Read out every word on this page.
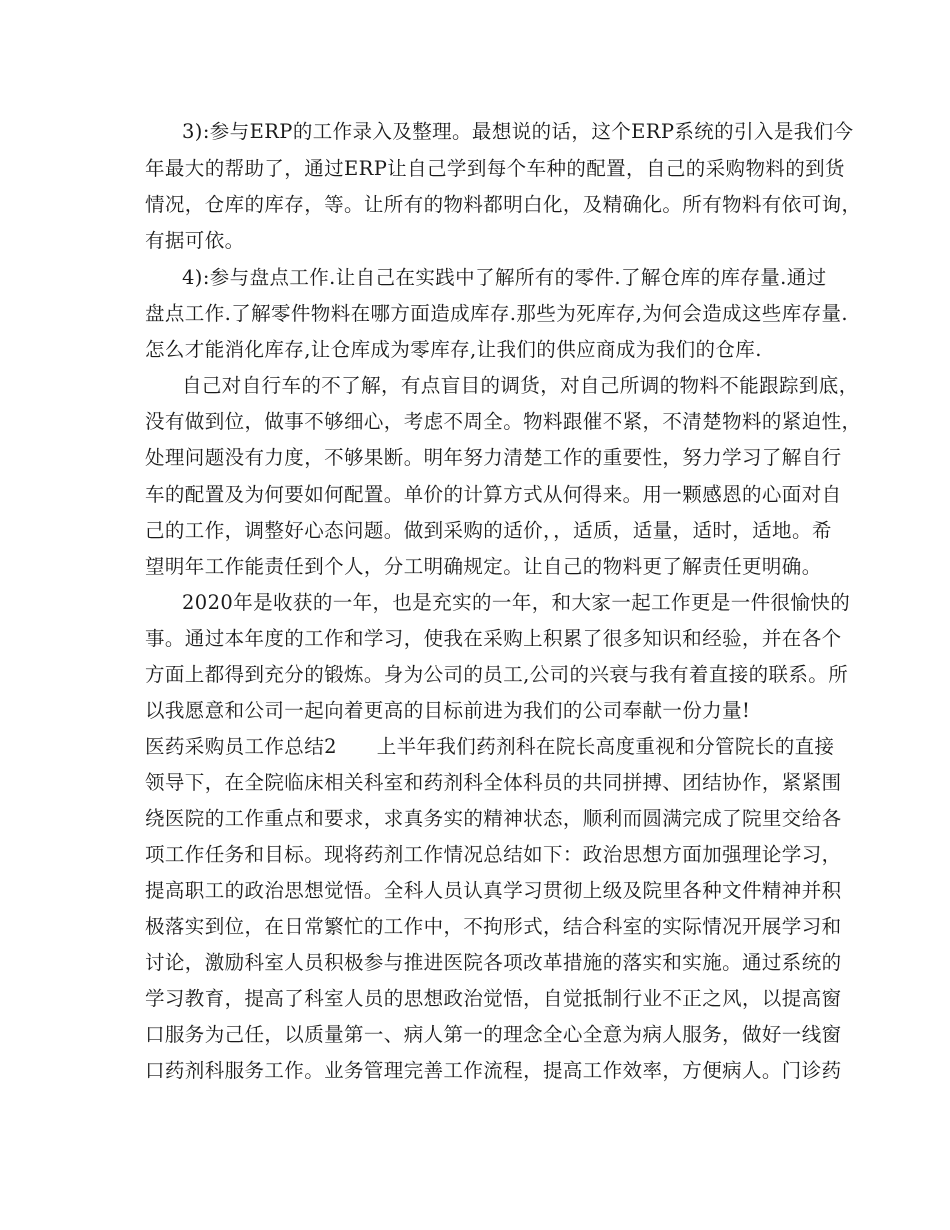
3):参与ERP的工作录入及整理。最想说的话，这个ERP系统的引入是我们今
年最大的帮助了，通过ERP让自己学到每个车种的配置，自己的采购物料的到货
情况，仓库的库存，等。让所有的物料都明白化，及精确化。所有物料有依可询，
有据可依。
4):参与盘点工作.让自己在实践中了解所有的零件.了解仓库的库存量.通过
盘点工作.了解零件物料在哪方面造成库存.那些为死库存,为何会造成这些库存量.
怎么才能消化库存,让仓库成为零库存,让我们的供应商成为我们的仓库.
自己对自行车的不了解，有点盲目的调货，对自己所调的物料不能跟踪到底，
没有做到位，做事不够细心，考虑不周全。物料跟催不紧，不清楚物料的紧迫性，
处理问题没有力度，不够果断。明年努力清楚工作的重要性，努力学习了解自行
车的配置及为何要如何配置。单价的计算方式从何得来。用一颗感恩的心面对自
己的工作，调整好心态问题。做到采购的适价，，适质，适量，适时，适地。希
望明年工作能责任到个人，分工明确规定。让自己的物料更了解责任更明确。
2020年是收获的一年，也是充实的一年，和大家一起工作更是一件很愉快的
事。通过本年度的工作和学习，使我在采购上积累了很多知识和经验，并在各个
方面上都得到充分的锻炼。身为公司的员工,公司的兴衰与我有着直接的联系。所
以我愿意和公司一起向着更高的目标前进为我们的公司奉献一份力量!
医药采购员工作总结2　　上半年我们药剂科在院长高度重视和分管院长的直接
领导下，在全院临床相关科室和药剂科全体科员的共同拼搏、团结协作，紧紧围
绕医院的工作重点和要求，求真务实的精神状态，顺利而圆满完成了院里交给各
项工作任务和目标。现将药剂工作情况总结如下：政治思想方面加强理论学习，
提高职工的政治思想觉悟。全科人员认真学习贯彻上级及院里各种文件精神并积
极落实到位，在日常繁忙的工作中，不拘形式，结合科室的实际情况开展学习和
讨论，激励科室人员积极参与推进医院各项改革措施的落实和实施。通过系统的
学习教育，提高了科室人员的思想政治觉悟，自觉抵制行业不正之风，以提高窗
口服务为己任，以质量第一、病人第一的理念全心全意为病人服务，做好一线窗
口药剂科服务工作。业务管理完善工作流程，提高工作效率，方便病人。门诊药
